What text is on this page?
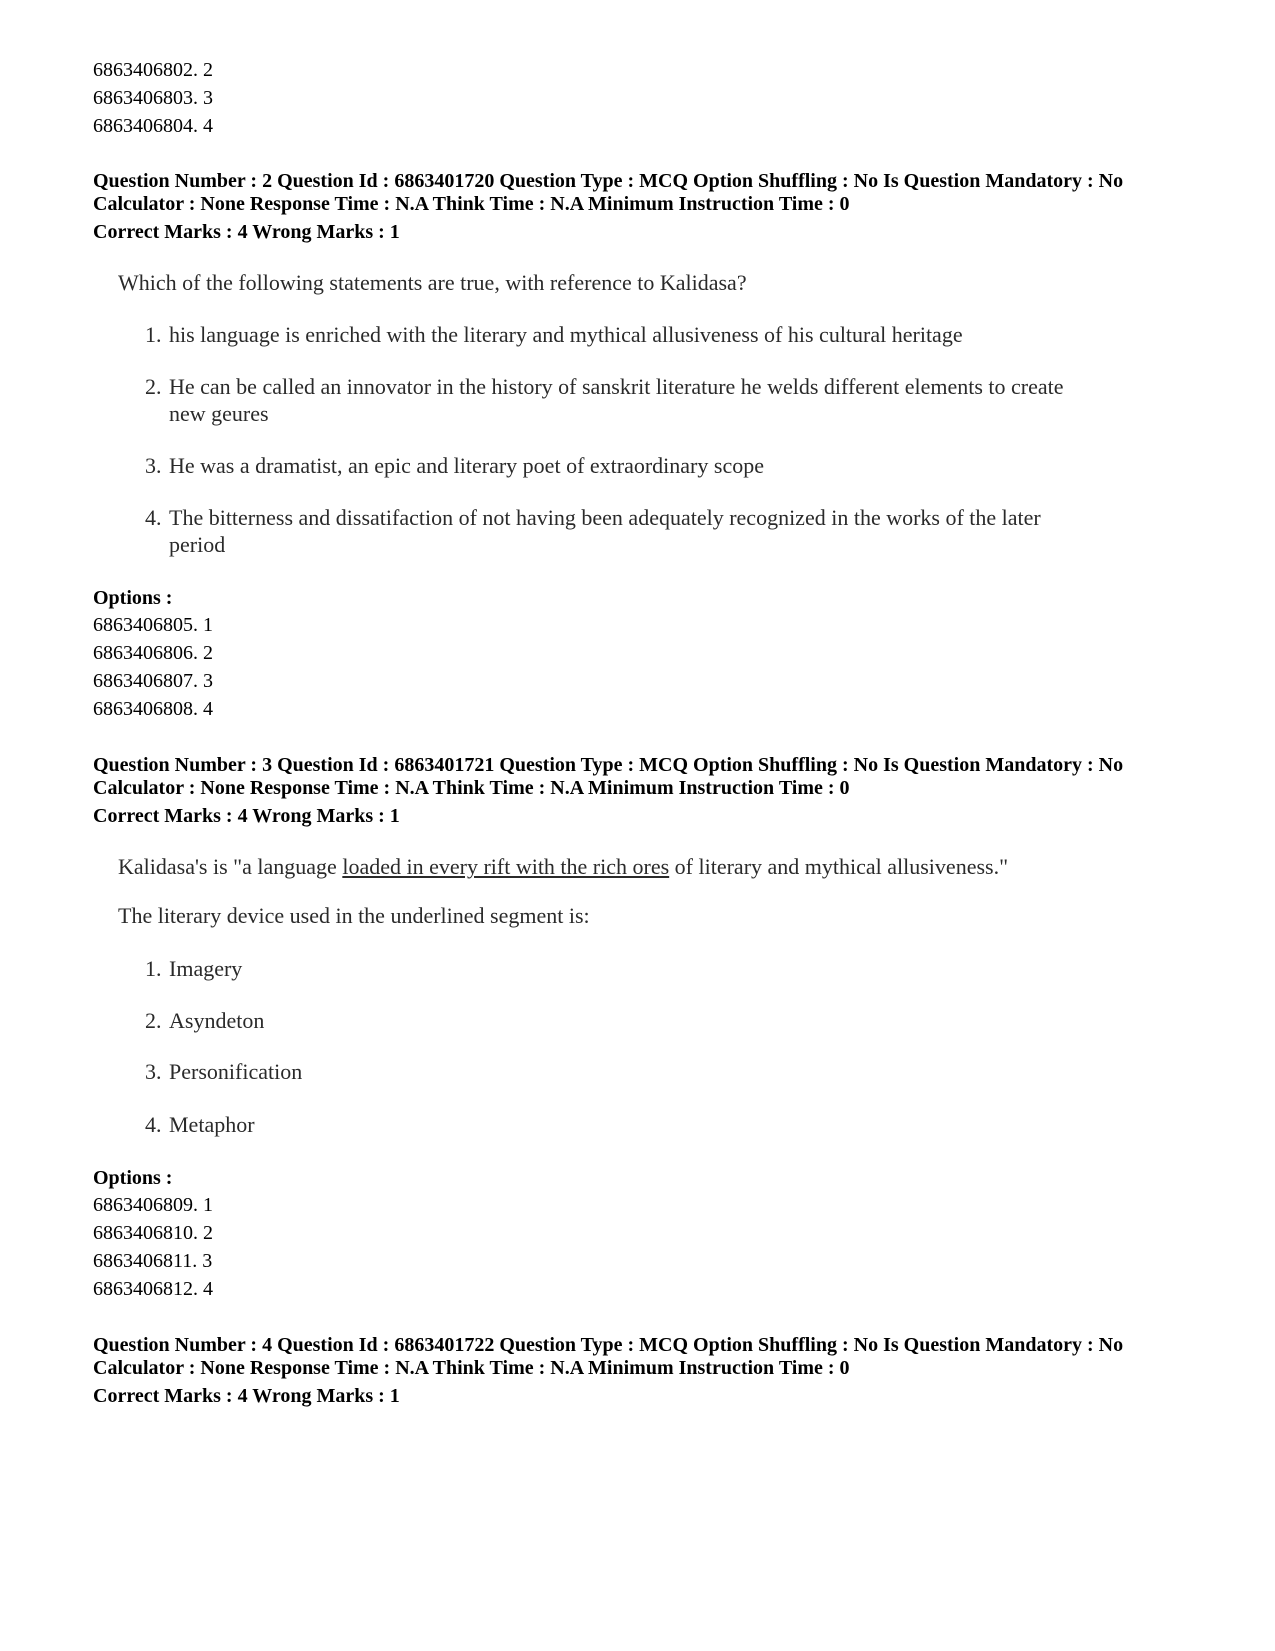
6863406802. 2
6863406803. 3
6863406804. 4
Question Number : 2 Question Id : 6863401720 Question Type : MCQ Option Shuffling : No Is Question Mandatory : No
Calculator : None Response Time : N.A Think Time : N.A Minimum Instruction Time : 0
Correct Marks : 4 Wrong Marks : 1
Which of the following statements are true, with reference to Kalidasa?
1. his language is enriched with the literary and mythical allusiveness of his cultural heritage
2. He can be called an innovator in the history of sanskrit literature he welds different elements to create
new geures
3. He was a dramatist, an epic and literary poet of extraordinary scope
4. The bitterness and dissatifaction of not having been adequately recognized in the works of the later
period
Options :
6863406805. 1
6863406806. 2
6863406807. 3
6863406808. 4
Question Number : 3 Question Id : 6863401721 Question Type : MCQ Option Shuffling : No Is Question Mandatory : No
Calculator : None Response Time : N.A Think Time : N.A Minimum Instruction Time : 0
Correct Marks : 4 Wrong Marks : 1
Kalidasa's is "a language loaded in every rift with the rich ores of literary and mythical allusiveness."
The literary device used in the underlined segment is:
1. Imagery
2. Asyndeton
3. Personification
4. Metaphor
Options :
6863406809. 1
6863406810. 2
6863406811. 3
6863406812. 4
Question Number : 4 Question Id : 6863401722 Question Type : MCQ Option Shuffling : No Is Question Mandatory : No
Calculator : None Response Time : N.A Think Time : N.A Minimum Instruction Time : 0
Correct Marks : 4 Wrong Marks : 1
